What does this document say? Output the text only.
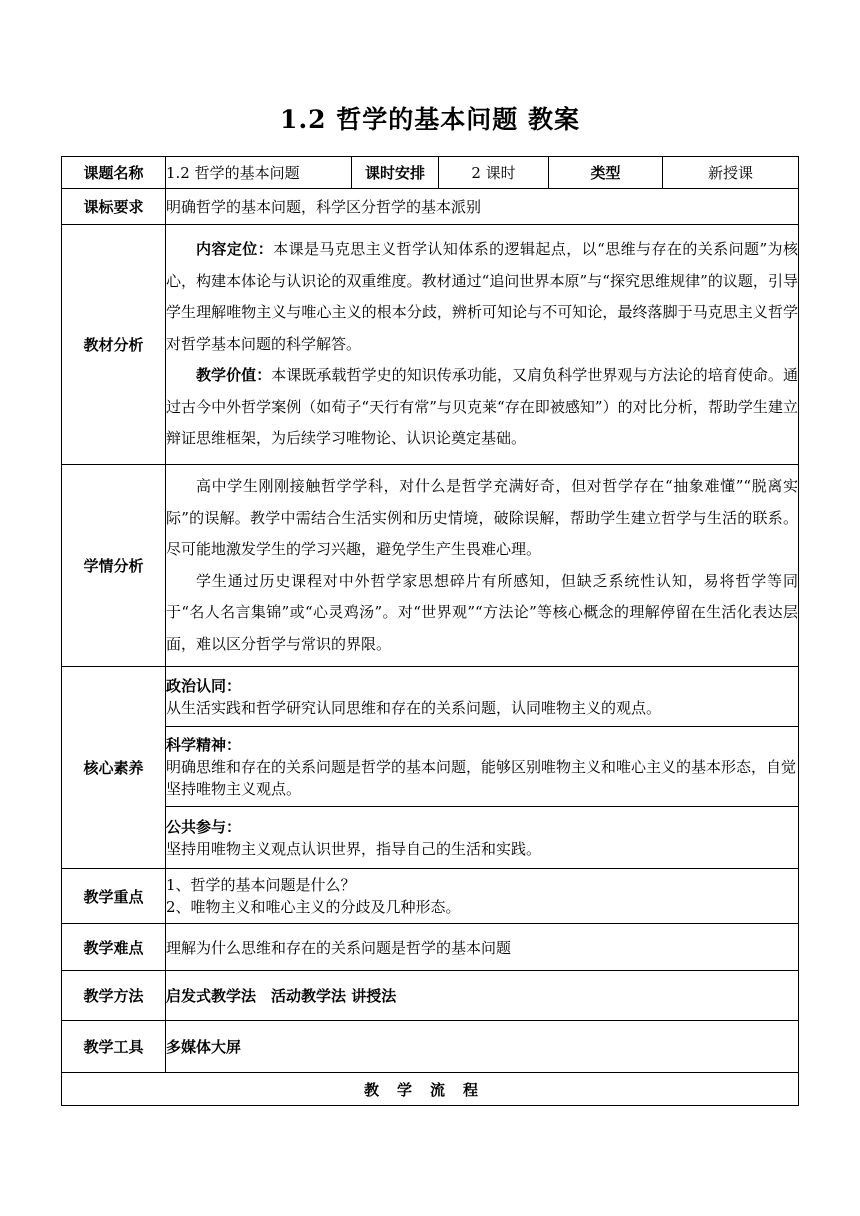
1.2 哲学的基本问题 教案
课题名称	1.2 哲学的基本问题	课时安排	2 课时	类型	新授课
课标要求	明确哲学的基本问题，科学区分哲学的基本派别				
教材分析	内容定位：本课是马克思主义哲学认知体系的逻辑起点，以“思维与存在的关系问题”为核心，构建本体论与认识论的双重维度。教材通过“追问世界本原”与“探究思维规律”的议题，引导学生理解唯物主义与唯心主义的根本分歧，辨析可知论与不可知论，最终落脚于马克思主义哲学对哲学基本问题的科学解答。

教学价值：本课既承载哲学史的知识传承功能，又肩负科学世界观与方法论的培育使命。通过古今中外哲学案例（如荀子“天行有常”与贝克莱“存在即被感知”）的对比分析，帮助学生建立辩证思维框架，为后续学习唯物论、认识论奠定基础。				

学情分析	高中学生刚刚接触哲学学科，对什么是哲学充满好奇，但对哲学存在“抽象难懂”“脱离实际”的误解。教学中需结合生活实例和历史情境，破除误解，帮助学生建立哲学与生活的联系。尽可能地激发学生的学习兴趣，避免学生产生畏难心理。

学生通过历史课程对中外哲学家思想碎片有所感知，但缺乏系统性认知，易将哲学等同于“名人名言集锦”或“心灵鸡汤”。对“世界观”“方法论”等核心概念的理解停留在生活化表达层面，难以区分哲学与常识的界限。				

核心素养	政治认同：
从生活实践和哲学研究认同思维和存在的关系问题，认同唯物主义的观点。				

	科学精神：
明确思维和存在的关系问题是哲学的基本问题，能够区别唯物主义和唯心主义的基本形态，自觉坚持唯物主义观点。				

	公共参与：
坚持用唯物主义观点认识世界，指导自己的生活和实践。				

教学重点	1、哲学的基本问题是什么？
2、唯物主义和唯心主义的分歧及几种形态。				

教学难点	理解为什么思维和存在的关系问题是哲学的基本问题				
教学方法	启发式教学法　活动教学法 讲授法				
教学工具	多媒体大屏				
教学流程					
